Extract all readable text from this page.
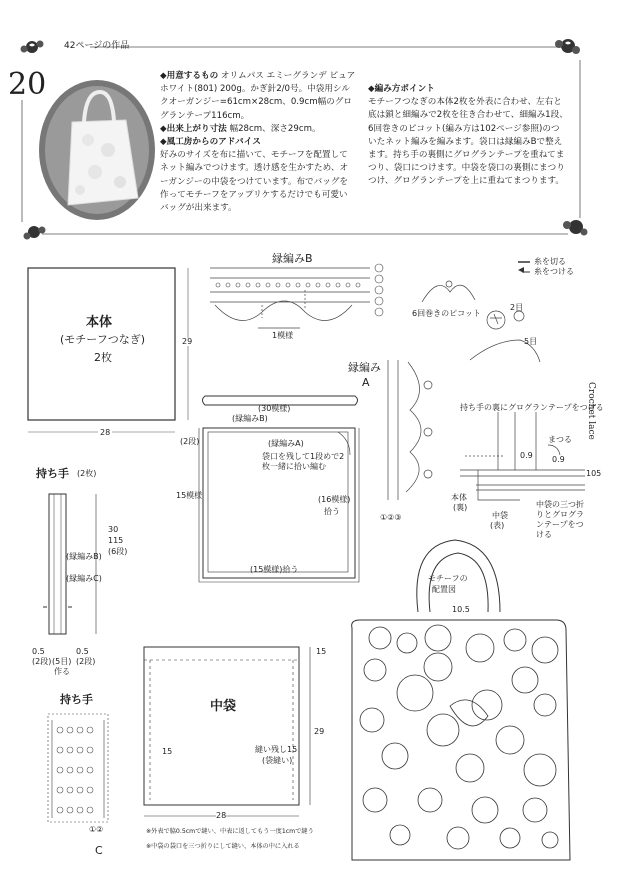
42ページの作品
20	◆用意するもの オリムパス エミーグランデ ピュアホワイト(801) 200g。かぎ針2/0号。中袋用シルクオーガンジー=61cm×28cm、0.9cm幅のグログランテープ116cm。
◆出来上がり寸法 幅28cm、深さ29cm。
◆風工房からのアドバイス
好みのサイズを布に描いて、モチーフを配置してネット編みでつけます。透け感を生かすため、オーガンジーの中袋をつけています。布でバッグを作ってモチーフをアップリケするだけでも可愛いバッグが出来ます。
◆編み方ポイント
モチーフつなぎの本体2枚を外表に合わせ、左右と底は鎖と細編みで2枚を往き合わせて、細編み1段、6回巻きのピコット(編み方は102ページ参照)のついたネット編みを編みます。袋口は縁編みBで整えます。持ち手の裏側にグログランテープを重ねてまつり、袋口につけます。中袋を袋口の裏側にまつりつけ、グログランテープを上に重ねてまつります。
糸を切る
糸をつける
Crochet lace
105
本体
(モチーフつなぎ)
2枚
28
29
縁編みB
1模様
6回巻きのピコット
2目
5目
縁編み
A
①②③
(30模様)
(縁編みB)
(縁編みA)
袋口を残して1段めで2枚一緒に拾い編む
(2段)
15模様	(16模様)
拾う
(15模様)拾う
持ち手の裏にグログランテープをつける
まつる
0.9 0.9
本体
(裏)
中袋
(表)
中袋の三つ折りとグログランテープをつける
持ち手 (2枚)
(縁編みB)
(縁編みC)
30
115
(6段)
0.5
(2段)
作る
(5目)
0.5
(2段)
中袋
15	縫い残し15
(袋縫い)
15
29
28
※外表で脇0.5cmで縫い、中表に返してもう一度1cmで縫う
※中袋の袋口を三つ折りにして縫い、本体の中に入れる
持ち手
①②
C
モチーフの
配置図
10.5
